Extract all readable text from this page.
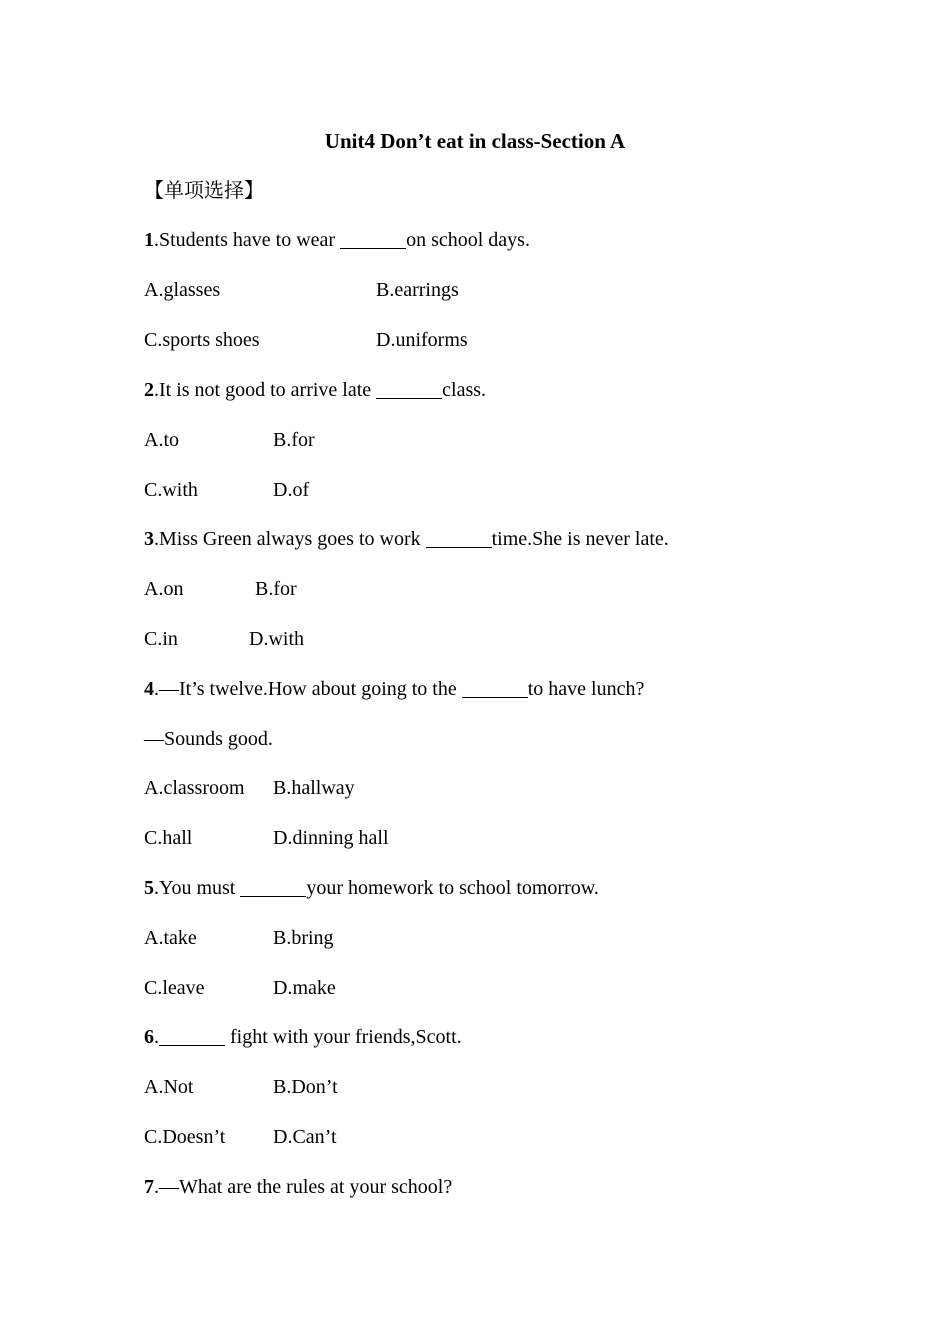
Unit4 Don’t eat in class-Section A
【单项选择】
1.Students have to wear	on school days.
A.glasses	B.earrings
C.sports shoes	D.uniforms
2.It is not good to arrive late	class.
A.to	B.for
C.with	D.of
3.Miss Green always goes to work	time.She is never late.
A.on	B.for
C.in	D.with
4.—It’s twelve.How about going to the	to have lunch?
—Sounds good.
A.classroom B.hallway
C.hall	D.dinning hall
5.You must	your homework to school tomorrow.
A.take	B.bring
C.leave	D.make
6.	fight with your friends,Scott.
A.Not	B.Don’t
C.Doesn’t D.Can’t
7.—What are the rules at your school?
